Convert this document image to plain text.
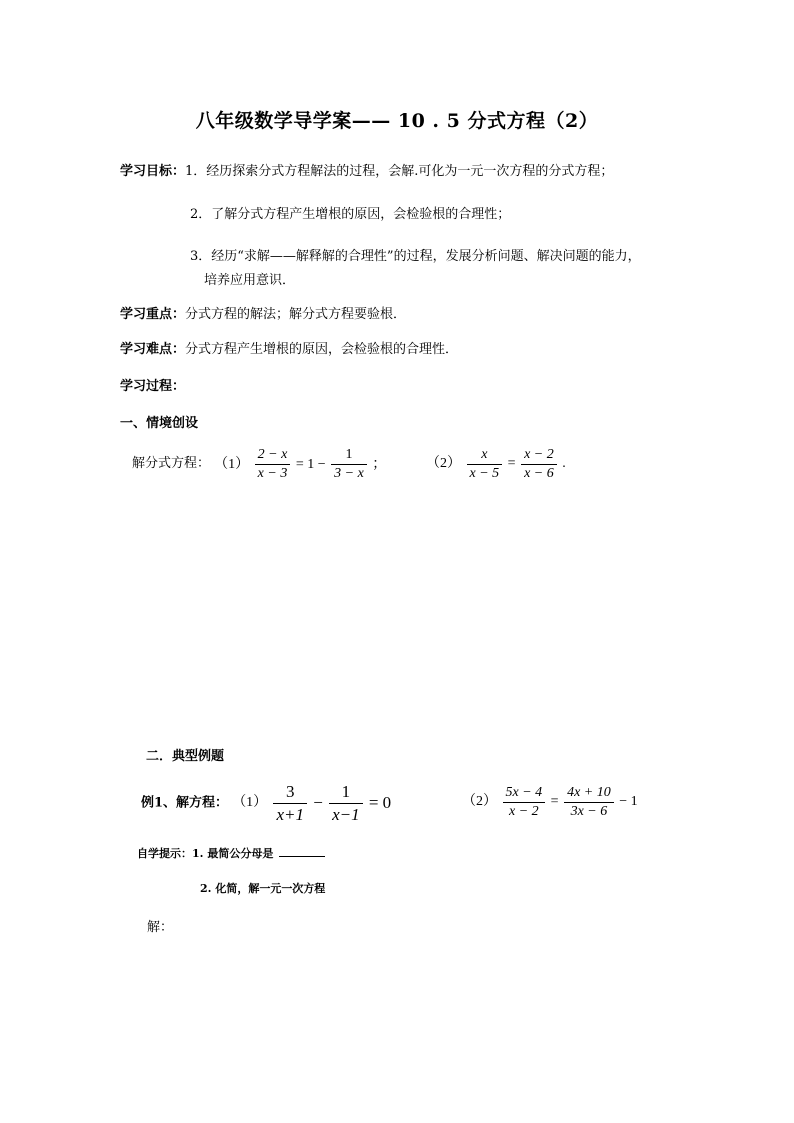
八年级数学导学案—— 10 . 5 分式方程（2）
学习目标：1．经历探索分式方程解法的过程，会解.可化为一元一次方程的分式方程；
2．了解分式方程产生增根的原因，会检验根的合理性；
3．经历“求解——解释解的合理性”的过程，发展分析问题、解决问题的能力，
培养应用意识．
学习重点：分式方程的解法；解分式方程要验根．
学习难点：分式方程产生增根的原因，会检验根的合理性．
学习过程：
一、情境创设
解分式方程： $(1) \frac{2 - x}{x - 3} = 1 - \frac{1}{3 - x}$ ；	$(2) \frac{x}{x - 5} = \frac{x - 2}{x - 6}$ .
二．典型例题
例1、解方程： $(1) \frac{3}{x+1} - \frac{1}{x-1} = 0$	$(2) \frac{5x - 4}{x - 2} = \frac{4x + 10}{3x - 6} - 1$
自学提示：1. 最简公分母是
2. 化简，解一元一次方程
解：
